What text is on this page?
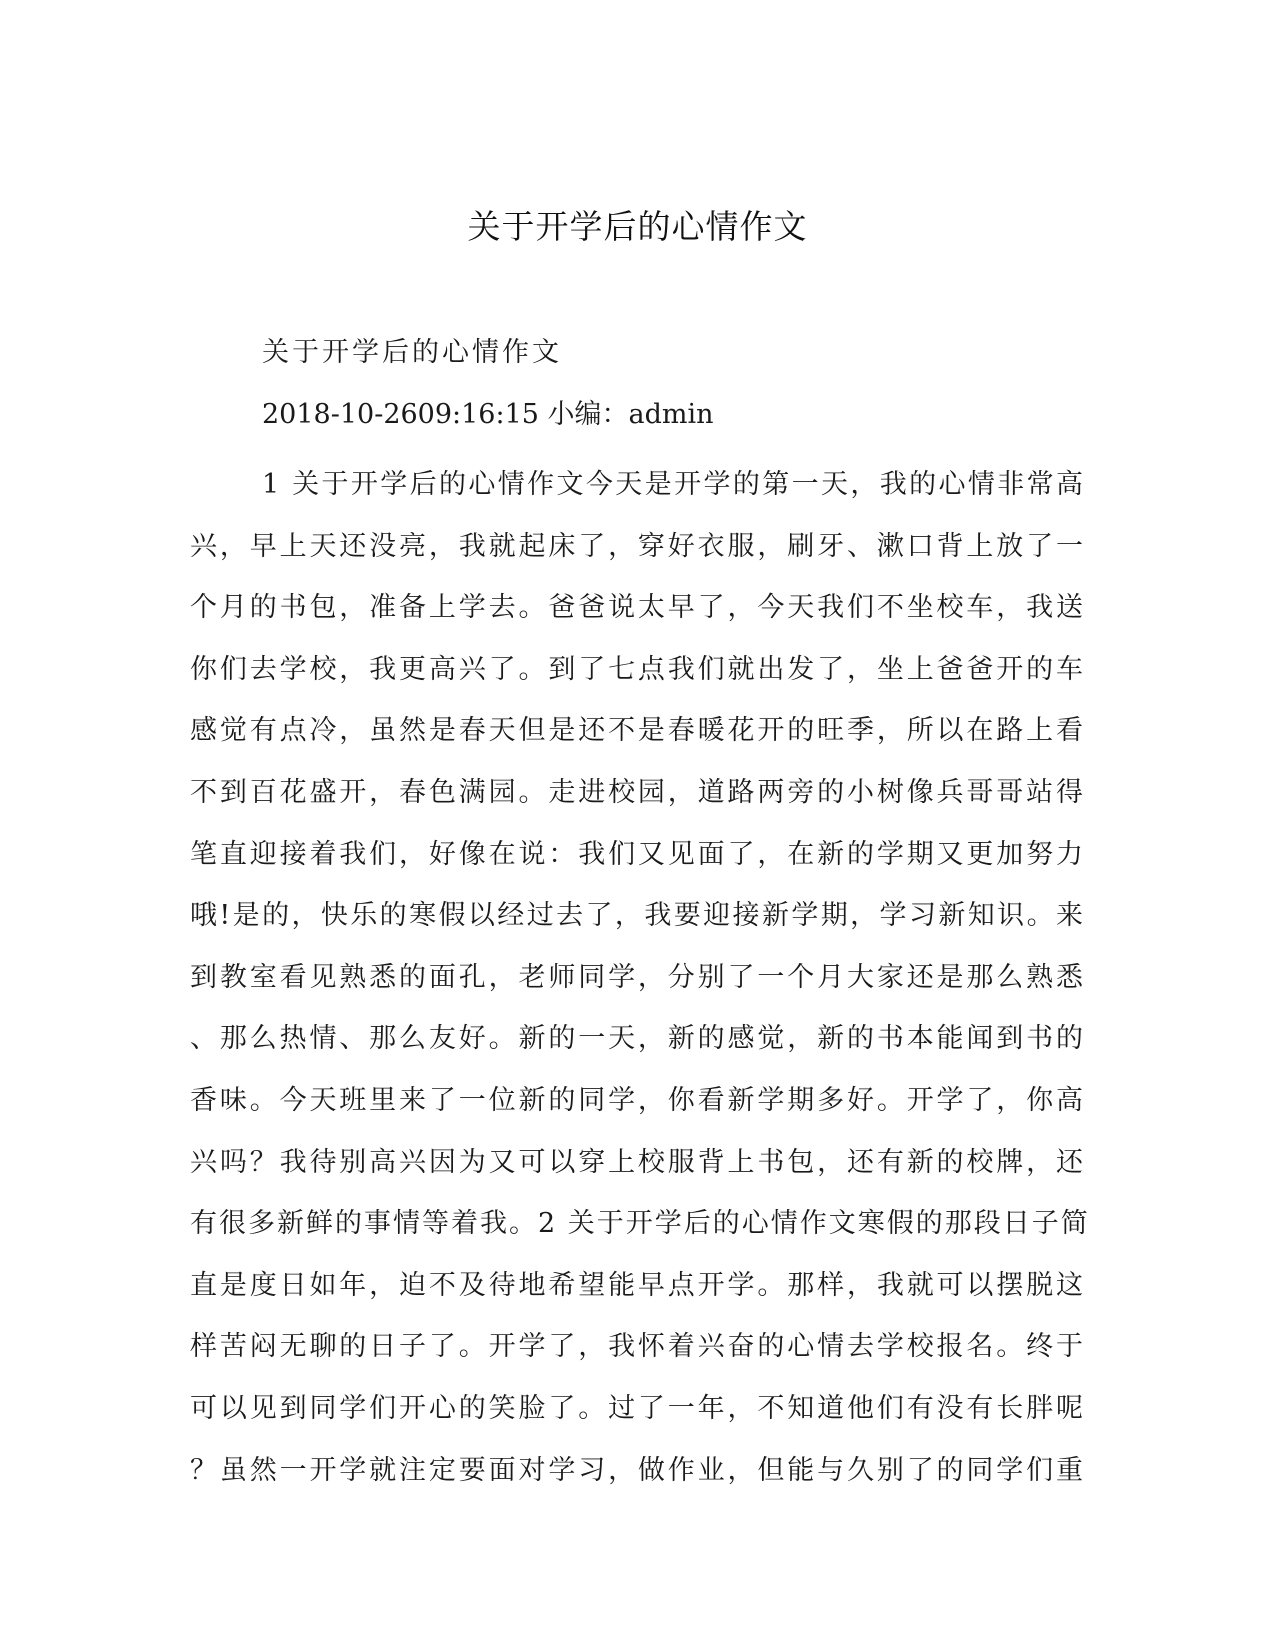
关于开学后的心情作文
关于开学后的心情作文
2018-10-2609:16:15 小编：admin
1 关于开学后的心情作文今天是开学的第一天，我的心情非常高
兴，早上天还没亮，我就起床了，穿好衣服，刷牙、漱口背上放了一
个月的书包，准备上学去。爸爸说太早了，今天我们不坐校车，我送
你们去学校，我更高兴了。到了七点我们就出发了，坐上爸爸开的车
感觉有点冷，虽然是春天但是还不是春暖花开的旺季，所以在路上看
不到百花盛开，春色满园。走进校园，道路两旁的小树像兵哥哥站得
笔直迎接着我们，好像在说：我们又见面了，在新的学期又更加努力
哦!是的，快乐的寒假以经过去了，我要迎接新学期，学习新知识。来
到教室看见熟悉的面孔，老师同学，分别了一个月大家还是那么熟悉
、那么热情、那么友好。新的一天，新的感觉，新的书本能闻到书的
香味。今天班里来了一位新的同学，你看新学期多好。开学了，你高
兴吗？我待别高兴因为又可以穿上校服背上书包，还有新的校牌，还
有很多新鲜的事情等着我。2 关于开学后的心情作文寒假的那段日子简
直是度日如年，迫不及待地希望能早点开学。那样，我就可以摆脱这
样苦闷无聊的日子了。开学了，我怀着兴奋的心情去学校报名。终于
可以见到同学们开心的笑脸了。过了一年，不知道他们有没有长胖呢
？虽然一开学就注定要面对学习，做作业，但能与久别了的同学们重
